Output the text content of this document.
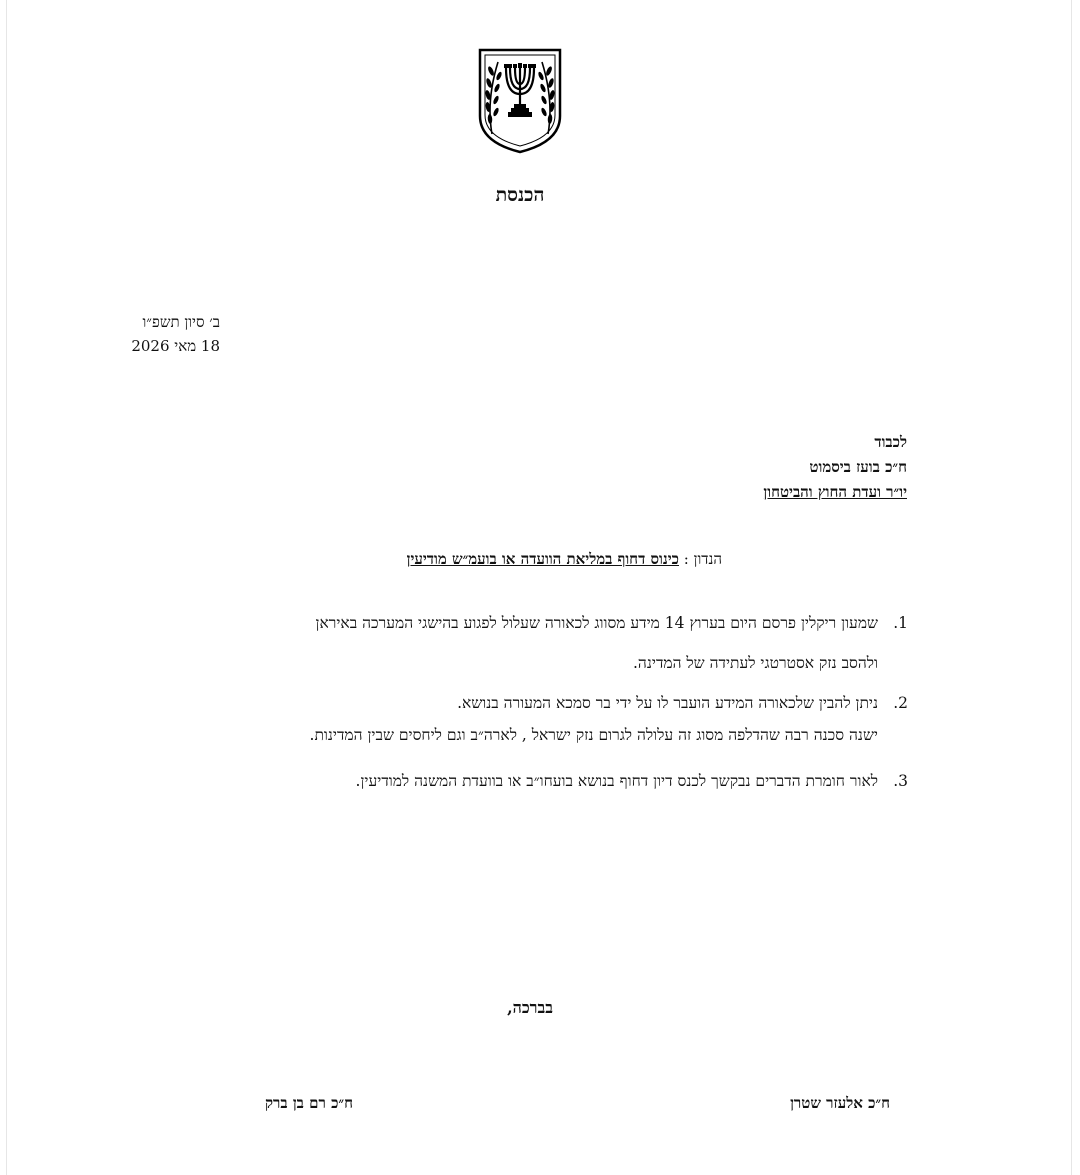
הכנסת
ב׳ סיון תשפ״ו
18 מאי 2026
לכבוד
ח״כ בועז ביסמוט
יו״ר ועדת החוץ והביטחון
הנדון : כינוס דחוף במליאת הוועדה או בועמ״ש מודיעין
1.
שמעון ריקלין פרסם היום בערוץ 14 מידע מסווג לכאורה שעלול לפגוע בהישגי המערכה באיראן
ולהסב נזק אסטרטגי לעתידה של המדינה.
2.
ניתן להבין שלכאורה המידע הועבר לו על ידי בר סמכא המעורה בנושא.
ישנה סכנה רבה שהדלפה מסוג זה עלולה לגרום נזק ישראל , לארה״ב וגם ליחסים שבין המדינות.
3.
לאור חומרת הדברים נבקשך לכנס דיון דחוף בנושא בועחו״ב או בוועדת המשנה למודיעין.
בברכה,
ח״כ אלעזר שטרן
ח״כ רם בן ברק
